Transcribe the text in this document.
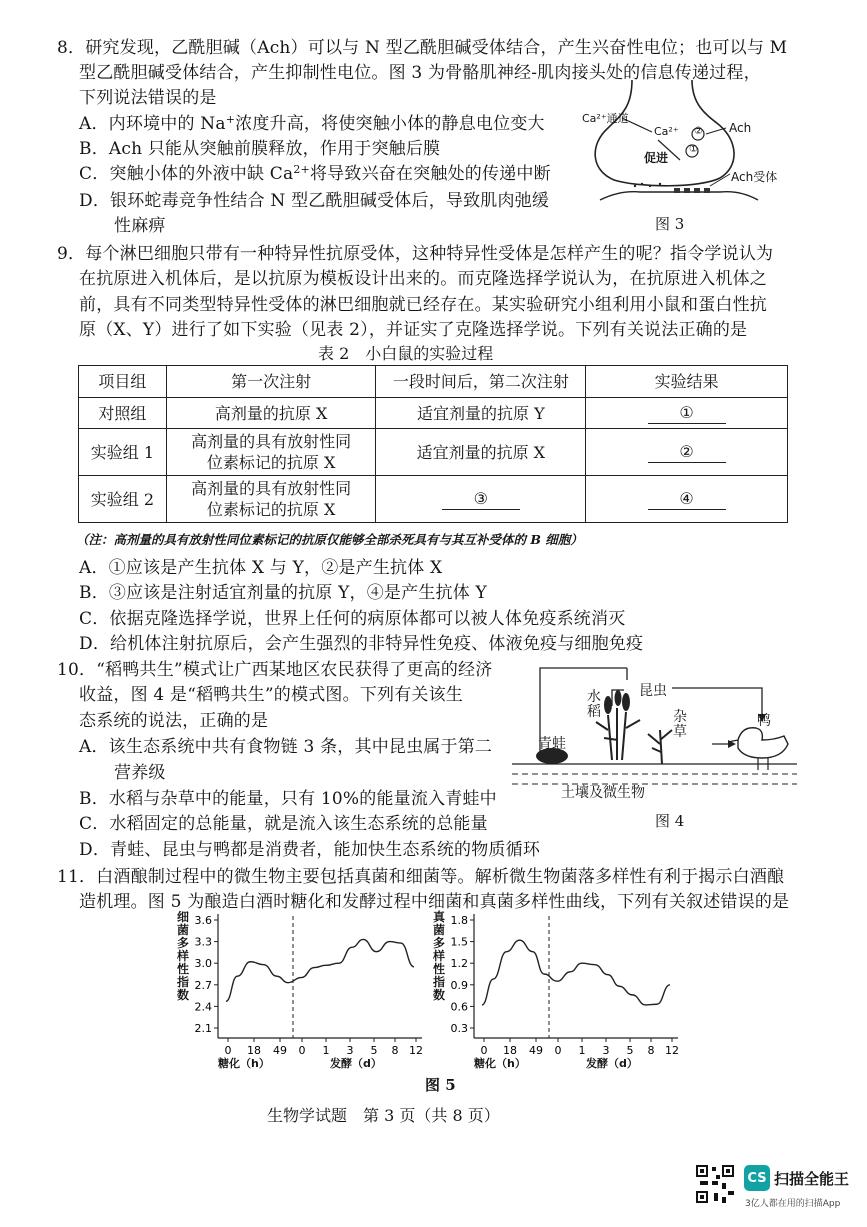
8．研究发现，乙酰胆碱（Ach）可以与 N 型乙酰胆碱受体结合，产生兴奋性电位；也可以与 M
型乙酰胆碱受体结合，产生抑制性电位。图 3 为骨骼肌神经-肌肉接头处的信息传递过程，
下列说法错误的是
A．内环境中的 Na+浓度升高，将使突触小体的静息电位变大
B．Ach 只能从突触前膜释放，作用于突触后膜
C．突触小体的外液中缺 $Ca^{2+}$将导致兴奋在突触处的传递中断
D．银环蛇毒竞争性结合 N 型乙酰胆碱受体后，导致肌肉弛缓
性麻痹
Ca²⁺通道
Ca²⁺	Ach
促进
②
①
Ach受体
图 3
9．每个淋巴细胞只带有一种特异性抗原受体，这种特异性受体是怎样产生的呢？指令学说认为
在抗原进入机体后，是以抗原为模板设计出来的。而克隆选择学说认为，在抗原进入机体之
前，具有不同类型特异性受体的淋巴细胞就已经存在。某实验研究小组利用小鼠和蛋白性抗
原（X、Y）进行了如下实验（见表 2），并证实了克隆选择学说。下列有关说法正确的是
表 2　小白鼠的实验过程
项目组	第一次注射	一段时间后，第二次注射	实验结果
对照组	高剂量的抗原 X	适宜剂量的抗原 Y	①
实验组 1	高剂量的具有放射性同
位素标记的抗原 X	适宜剂量的抗原 X	②
实验组 2	高剂量的具有放射性同
位素标记的抗原 X	③	④
（注：高剂量的具有放射性同位素标记的抗原仅能够全部杀死具有与其互补受体的 B 细胞）
A．①应该是产生抗体 X 与 Y，②是产生抗体 X
B．③应该是注射适宜剂量的抗原 Y，④是产生抗体 Y
C．依据克隆选择学说，世界上任何的病原体都可以被人体免疫系统消灭
D．给机体注射抗原后，会产生强烈的非特异性免疫、体液免疫与细胞免疫
10．“稻鸭共生”模式让广西某地区农民获得了更高的经济
收益，图 4 是“稻鸭共生”的模式图。下列有关该生
态系统的说法，正确的是
A．该生态系统中共有食物链 3 条，其中昆虫属于第二
营养级
B．水稻与杂草中的能量，只有 10%的能量流入青蛙中
C．水稻固定的总能量，就是流入该生态系统的总能量
D．青蛙、昆虫与鸭都是消费者，能加快生态系统的物质循环
昆虫
水
稻	杂
草
鸭
青蛙
土壤及微生物
图 4
11．白酒酿制过程中的微生物主要包括真菌和细菌等。解析微生物菌落多样性有利于揭示白酒酿
造机理。图 5 为酿造白酒时糖化和发酵过程中细菌和真菌多样性曲线，下列有关叙述错误的是
细菌多样性指数
3.6
3.3
3.0
2.7
2.4
2.1
0 18 49 0 1 3 5 8 12
糖化（h）	发酵（d）
真菌多样性指数
1.8
1.5
1.2
0.9
0.6
0.3
0 18 49 0 1 3 5 8 12
糖化（h）	发酵（d）
图 5
生物学试题　第 3 页（共 8 页）
CS 扫描全能王
3亿人都在用的扫描App
